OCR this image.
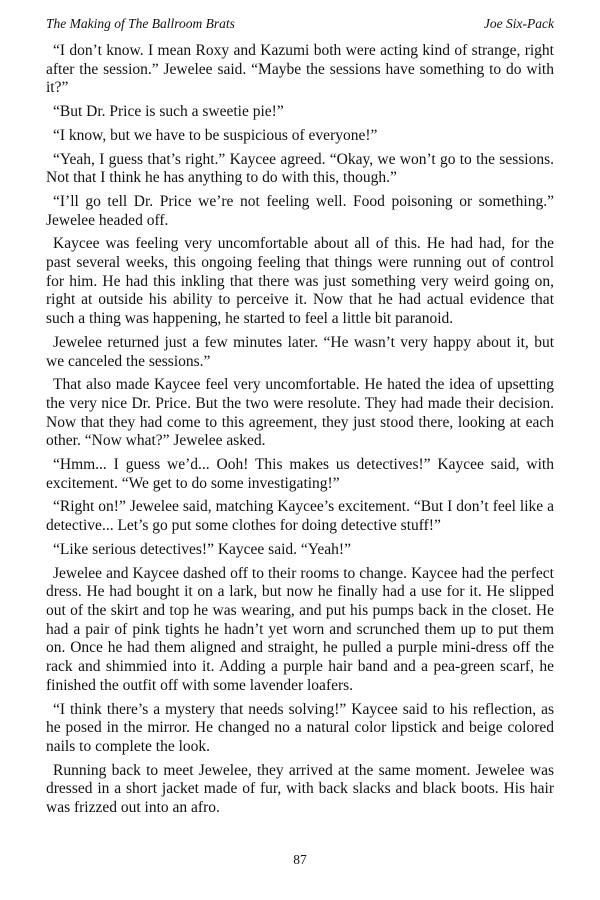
The Making of The Ballroom Brats	Joe Six-Pack

“I don’t know. I mean Roxy and Kazumi both were acting kind of strange, right after the session.” Jewelee said. “Maybe the sessions have something to do with it?”

“But Dr. Price is such a sweetie pie!”

“I know, but we have to be suspicious of everyone!”

“Yeah, I guess that’s right.” Kaycee agreed. “Okay, we won’t go to the sessions. Not that I think he has anything to do with this, though.”

“I’ll go tell Dr. Price we’re not feeling well. Food poisoning or something.” Jewelee headed off.

Kaycee was feeling very uncomfortable about all of this. He had had, for the past several weeks, this ongoing feeling that things were running out of control for him. He had this inkling that there was just something very weird going on, right at outside his ability to perceive it. Now that he had actual evidence that such a thing was happening, he started to feel a little bit paranoid.

Jewelee returned just a few minutes later. “He wasn’t very happy about it, but we canceled the sessions.”

That also made Kaycee feel very uncomfortable. He hated the idea of upsetting the very nice Dr. Price. But the two were resolute. They had made their decision. Now that they had come to this agreement, they just stood there, looking at each other. “Now what?” Jewelee asked.

“Hmm... I guess we’d... Ooh! This makes us detectives!” Kaycee said, with excitement. “We get to do some investigating!”

“Right on!” Jewelee said, matching Kaycee’s excitement. “But I don’t feel like a detective... Let’s go put some clothes for doing detective stuff!”

“Like serious detectives!” Kaycee said. “Yeah!”

Jewelee and Kaycee dashed off to their rooms to change. Kaycee had the perfect dress. He had bought it on a lark, but now he finally had a use for it. He slipped out of the skirt and top he was wearing, and put his pumps back in the closet. He had a pair of pink tights he hadn’t yet worn and scrunched them up to put them on. Once he had them aligned and straight, he pulled a purple mini-dress off the rack and shimmied into it. Adding a purple hair band and a pea-green scarf, he finished the outfit off with some lavender loafers.

“I think there’s a mystery that needs solving!” Kaycee said to his reflection, as he posed in the mirror. He changed no a natural color lipstick and beige colored nails to complete the look.

Running back to meet Jewelee, they arrived at the same moment. Jewelee was dressed in a short jacket made of fur, with back slacks and black boots. His hair was frizzed out into an afro.

87
